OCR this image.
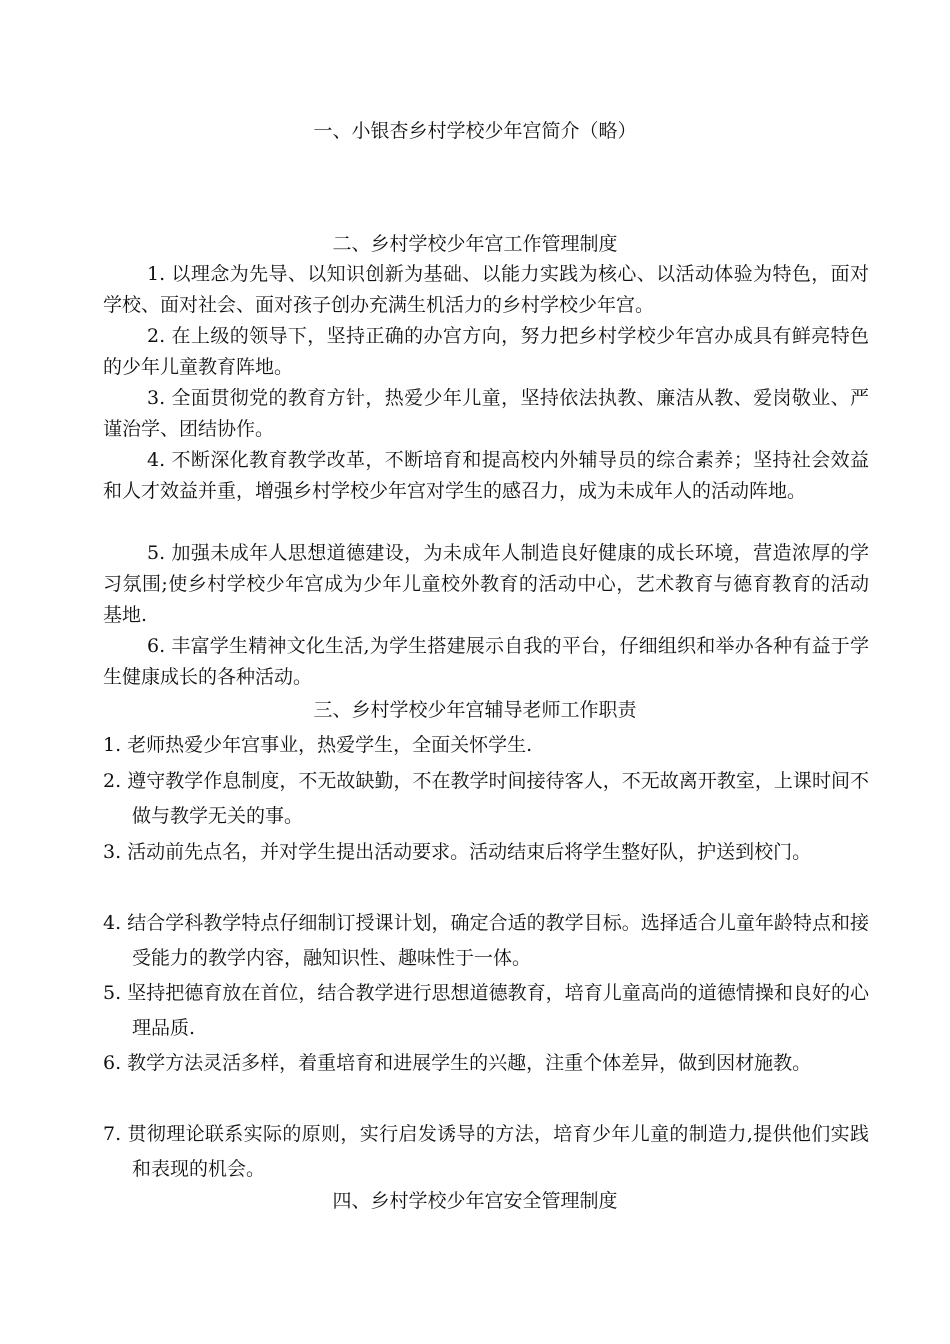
一、小银杏乡村学校少年宫简介（略）
二、乡村学校少年宫工作管理制度
1. 以理念为先导、以知识创新为基础、以能力实践为核心、以活动体验为特色，面对学校、面对社会、面对孩子创办充满生机活力的乡村学校少年宫。
2. 在上级的领导下，坚持正确的办宫方向，努力把乡村学校少年宫办成具有鲜亮特色的少年儿童教育阵地。
3. 全面贯彻党的教育方针，热爱少年儿童，坚持依法执教、廉洁从教、爱岗敬业、严谨治学、团结协作。
4. 不断深化教育教学改革，不断培育和提高校内外辅导员的综合素养；坚持社会效益和人才效益并重，增强乡村学校少年宫对学生的感召力，成为未成年人的活动阵地。
5. 加强未成年人思想道德建设，为未成年人制造良好健康的成长环境，营造浓厚的学习氛围;使乡村学校少年宫成为少年儿童校外教育的活动中心，艺术教育与德育教育的活动基地.
6. 丰富学生精神文化生活,为学生搭建展示自我的平台，仔细组织和举办各种有益于学生健康成长的各种活动。
三、乡村学校少年宫辅导老师工作职责
1. 老师热爱少年宫事业，热爱学生，全面关怀学生.
2. 遵守教学作息制度，不无故缺勤，不在教学时间接待客人，不无故离开教室，上课时间不做与教学无关的事。
3. 活动前先点名，并对学生提出活动要求。活动结束后将学生整好队，护送到校门。
4. 结合学科教学特点仔细制订授课计划，确定合适的教学目标。选择适合儿童年龄特点和接受能力的教学内容，融知识性、趣味性于一体。
5. 坚持把德育放在首位，结合教学进行思想道德教育，培育儿童高尚的道德情操和良好的心理品质.
6. 教学方法灵活多样，着重培育和进展学生的兴趣，注重个体差异，做到因材施教。
7. 贯彻理论联系实际的原则，实行启发诱导的方法，培育少年儿童的制造力,提供他们实践和表现的机会。
四、乡村学校少年宫安全管理制度
